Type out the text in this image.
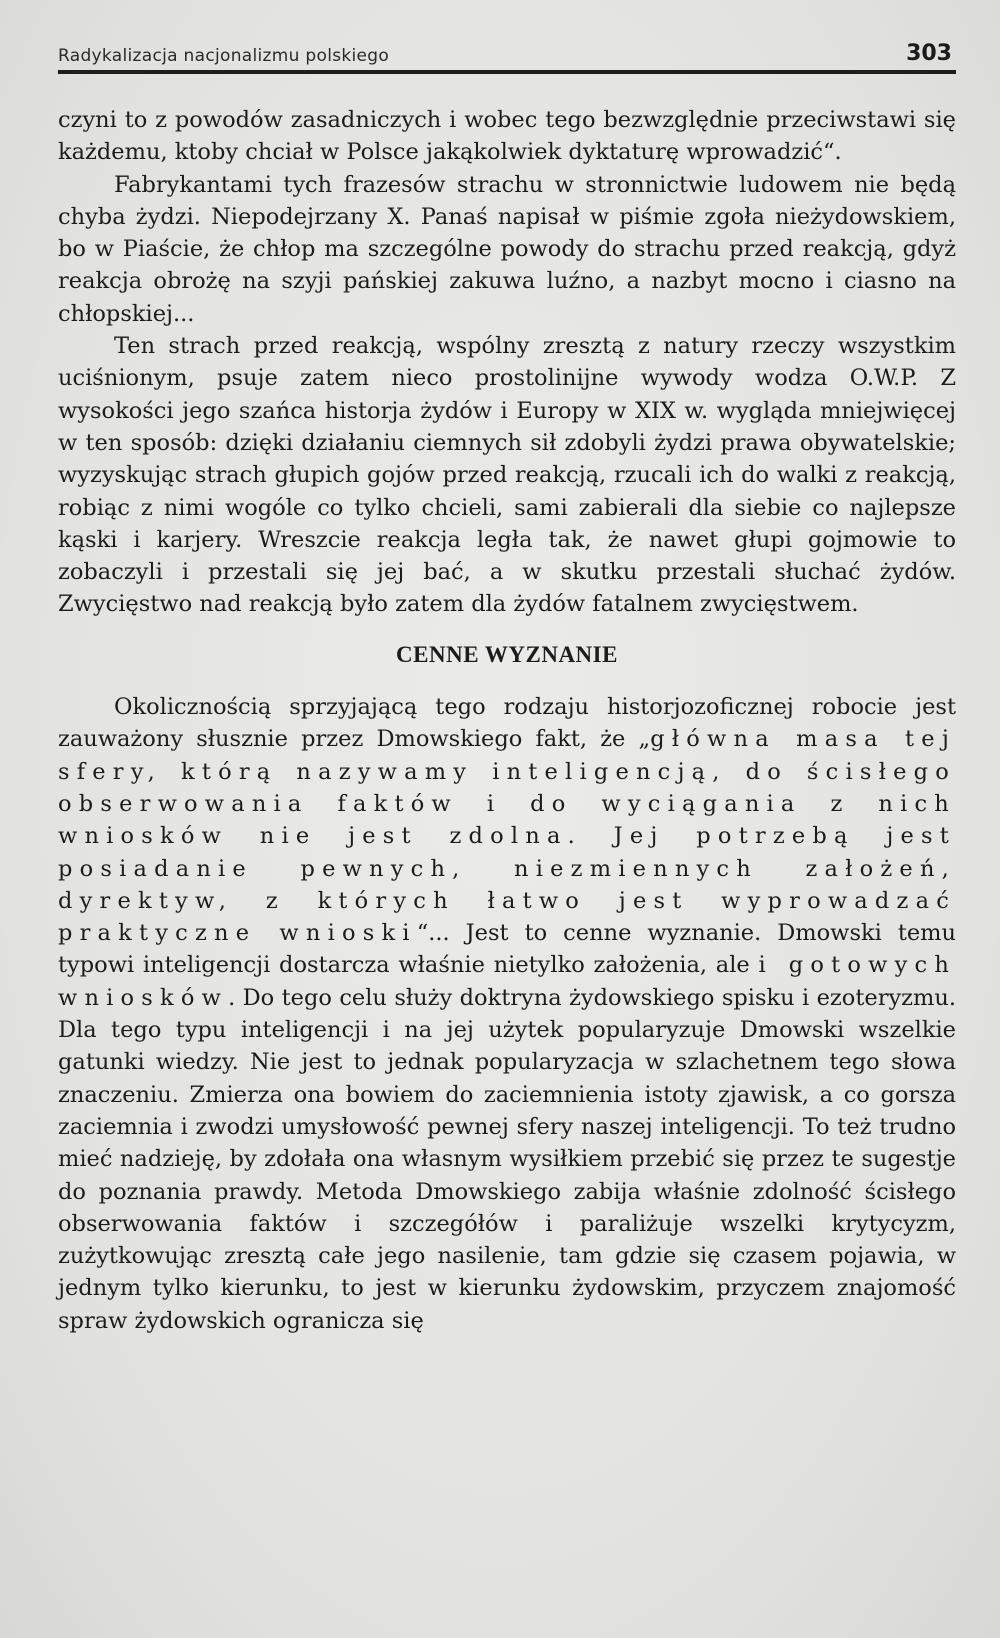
Radykalizacja nacjonalizmu polskiego	303

czyni to z powodów zasadniczych i wobec tego bezwzględnie przeciwstawi się każdemu, ktoby chciał w Polsce jakąkolwiek dyktaturę wprowadzić“.

Fabrykantami tych frazesów strachu w stronnictwie ludowem nie będą chyba żydzi. Niepodejrzany X. Panaś napisał w piśmie zgoła nieżydowskiem, bo w Piaście, że chłop ma szczególne powody do strachu przed reakcją, gdyż reakcja obrożę na szyji pańskiej zakuwa luźno, a nazbyt mocno i ciasno na chłopskiej...

Ten strach przed reakcją, wspólny zresztą z natury rzeczy wszystkim uciśnionym, psuje zatem nieco prostolinijne wywody wodza O.W.P. Z wysokości jego szańca historja żydów i Europy w XIX w. wygląda mniejwięcej w ten sposób: dzięki działaniu ciemnych sił zdobyli żydzi prawa obywatelskie; wyzyskując strach głupich gojów przed reakcją, rzucali ich do walki z reakcją, robiąc z nimi wogóle co tylko chcieli, sami zabierali dla siebie co najlepsze kąski i karjery. Wreszcie reakcja legła tak, że nawet głupi gojmowie to zobaczyli i przestali się jej bać, a w skutku przestali słuchać żydów. Zwycięstwo nad reakcją było zatem dla żydów fatalnem zwycięstwem.

CENNE WYZNANIE

Okolicznością sprzyjającą tego rodzaju historjozoficznej robocie jest zauważony słusznie przez Dmowskiego fakt, że „główna masa tej sfery, którą nazywamy inteligencją, do ścisłego obserwowania faktów i do wyciągania z nich wniosków nie jest zdolna. Jej potrzebą jest posiadanie pewnych, niezmiennych założeń, dyrektyw, z których łatwo jest wyprowadzać praktyczne wnioski“... Jest to cenne wyznanie. Dmowski temu typowi inteligencji dostarcza właśnie nietylko założenia, ale i gotowych wniosków. Do tego celu służy doktryna żydowskiego spisku i ezoteryzmu. Dla tego typu inteligencji i na jej użytek popularyzuje Dmowski wszelkie gatunki wiedzy. Nie jest to jednak popularyzacja w szlachetnem tego słowa znaczeniu. Zmierza ona bowiem do zaciemnienia istoty zjawisk, a co gorsza zaciemnia i zwodzi umysłowość pewnej sfery naszej inteligencji. To też trudno mieć nadzieję, by zdołała ona własnym wysiłkiem przebić się przez te sugestje do poznania prawdy. Metoda Dmowskiego zabija właśnie zdolność ścisłego obserwowania faktów i szczegółów i paraliżuje wszelki krytycyzm, zużytkowując zresztą całe jego nasilenie, tam gdzie się czasem pojawia, w jednym tylko kierunku, to jest w kierunku żydowskim, przyczem znajomość spraw żydowskich ogranicza się
